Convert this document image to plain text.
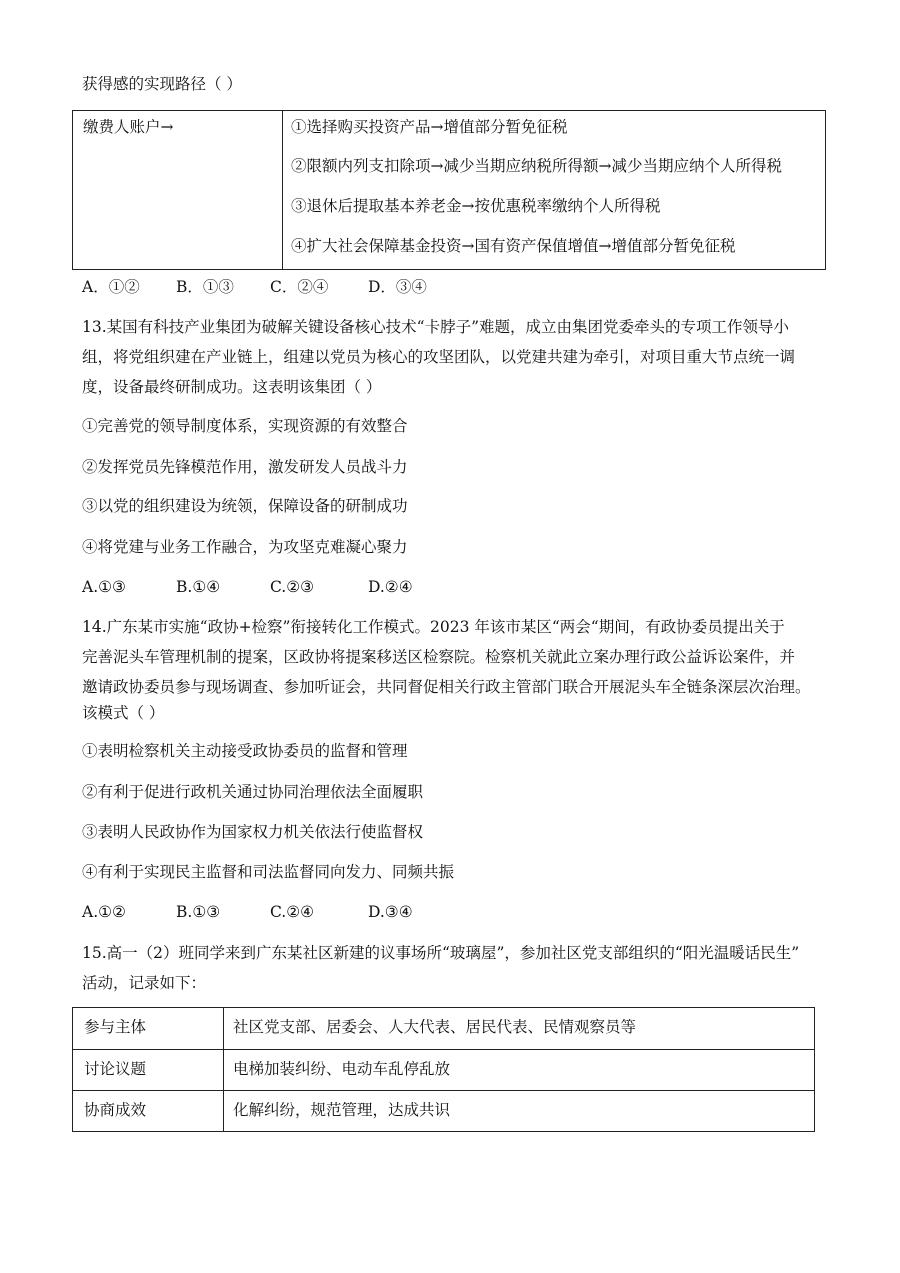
获得感的实现路径（ ）
缴费人账户→	①选择购买投资产品→增值部分暂免征税
②限额内列支扣除项→减少当期应纳税所得额→减少当期应纳个人所得税
③退休后提取基本养老金→按优惠税率缴纳个人所得税
④扩大社会保障基金投资→国有资产保值增值→增值部分暂免征税
A．①② B．①③ C．②④	D．③④
13.某国有科技产业集团为破解关键设备核心技术“卡脖子”难题，成立由集团党委牵头的专项工作领导小
组，将党组织建在产业链上，组建以党员为核心的攻坚团队，以党建共建为牵引，对项目重大节点统一调
度，设备最终研制成功。这表明该集团（ ）
①完善党的领导制度体系，实现资源的有效整合
②发挥党员先锋模范作用，激发研发人员战斗力
③以党的组织建设为统领，保障设备的研制成功
④将党建与业务工作融合，为攻坚克难凝心聚力
A.①③	B.①④	C.②③	D.②④
14.广东某市实施“政协+检察”衔接转化工作模式。2023 年该市某区“两会“期间，有政协委员提出关于
完善泥头车管理机制的提案，区政协将提案移送区检察院。检察机关就此立案办理行政公益诉讼案件，并
邀请政协委员参与现场调查、参加听证会，共同督促相关行政主管部门联合开展泥头车全链条深层次治理。
该模式（ ）
①表明检察机关主动接受政协委员的监督和管理
②有利于促进行政机关通过协同治理依法全面履职
③表明人民政协作为国家权力机关依法行使监督权
④有利于实现民主监督和司法监督同向发力、同频共振
A.①②	B.①③	C.②④	D.③④
15.高一（2）班同学来到广东某社区新建的议事场所“玻璃屋”，参加社区党支部组织的“阳光温暖话民生”
活动，记录如下：
参与主体	社区党支部、居委会、人大代表、居民代表、民情观察员等
讨论议题	电梯加装纠纷、电动车乱停乱放
协商成效	化解纠纷，规范管理，达成共识
